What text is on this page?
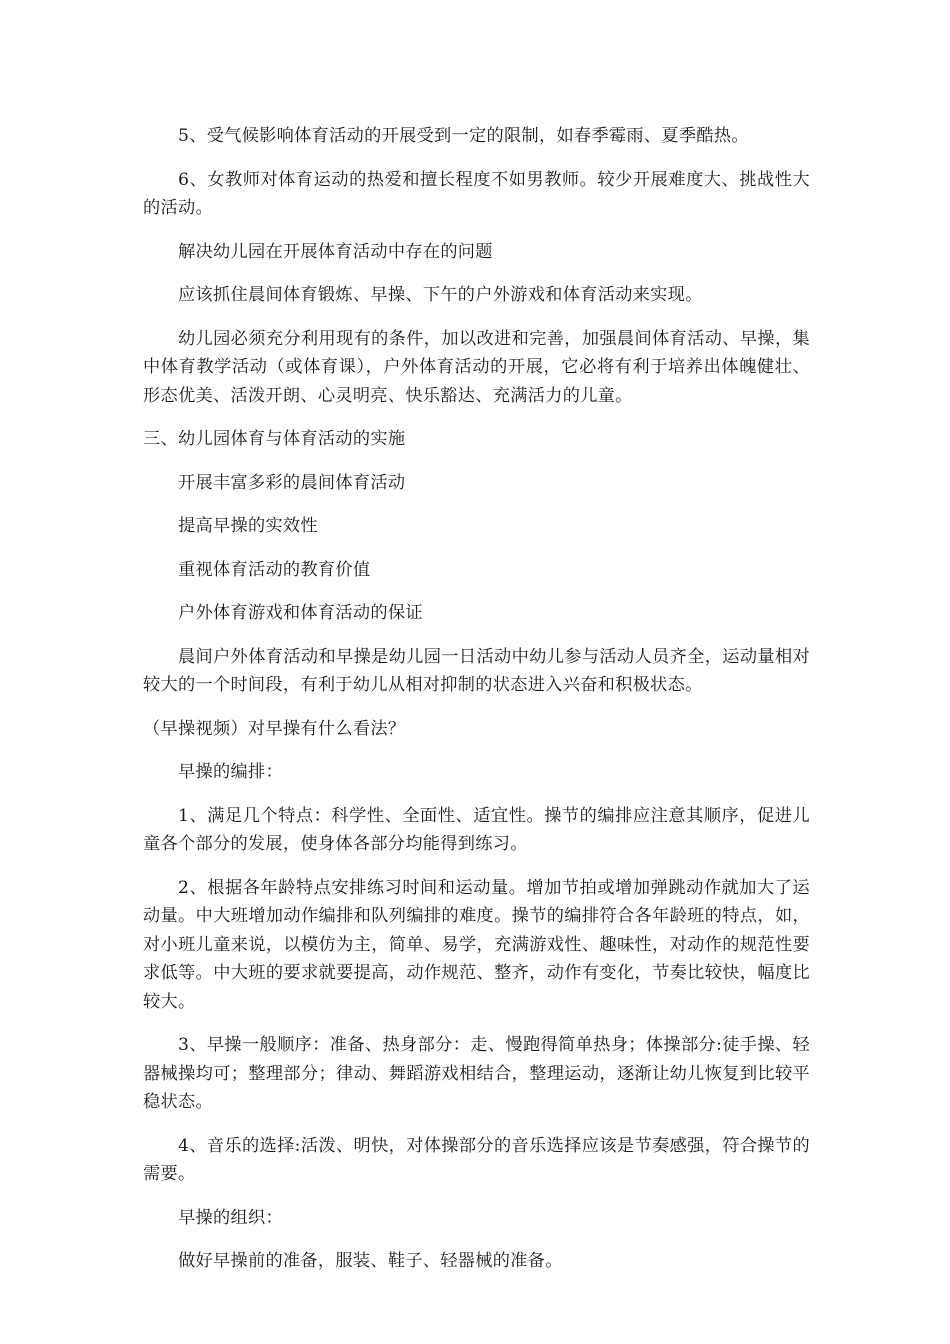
5、受气候影响体育活动的开展受到一定的限制，如春季霉雨、夏季酷热。

6、女教师对体育运动的热爱和擅长程度不如男教师。较少开展难度大、挑战性大的活动。

解决幼儿园在开展体育活动中存在的问题

应该抓住晨间体育锻炼、早操、下午的户外游戏和体育活动来实现。

幼儿园必须充分利用现有的条件，加以改进和完善，加强晨间体育活动、早操，集中体育教学活动（或体育课），户外体育活动的开展，它必将有利于培养出体魄健壮、形态优美、活泼开朗、心灵明亮、快乐豁达、充满活力的儿童。

三、幼儿园体育与体育活动的实施

开展丰富多彩的晨间体育活动

提高早操的实效性

重视体育活动的教育价值

户外体育游戏和体育活动的保证

晨间户外体育活动和早操是幼儿园一日活动中幼儿参与活动人员齐全，运动量相对较大的一个时间段，有利于幼儿从相对抑制的状态进入兴奋和积极状态。

（早操视频）对早操有什么看法？

早操的编排：

1、满足几个特点：科学性、全面性、适宜性。操节的编排应注意其顺序，促进儿童各个部分的发展，使身体各部分均能得到练习。

2、根据各年龄特点安排练习时间和运动量。增加节拍或增加弹跳动作就加大了运动量。中大班增加动作编排和队列编排的难度。操节的编排符合各年龄班的特点，如，对小班儿童来说，以模仿为主，简单、易学，充满游戏性、趣味性，对动作的规范性要求低等。中大班的要求就要提高，动作规范、整齐，动作有变化，节奏比较快，幅度比较大。

3、早操一般顺序：准备、热身部分：走、慢跑得简单热身；体操部分:徒手操、轻器械操均可；整理部分；律动、舞蹈游戏相结合，整理运动，逐渐让幼儿恢复到比较平稳状态。

4、音乐的选择:活泼、明快，对体操部分的音乐选择应该是节奏感强，符合操节的需要。

早操的组织：

做好早操前的准备，服装、鞋子、轻器械的准备。
